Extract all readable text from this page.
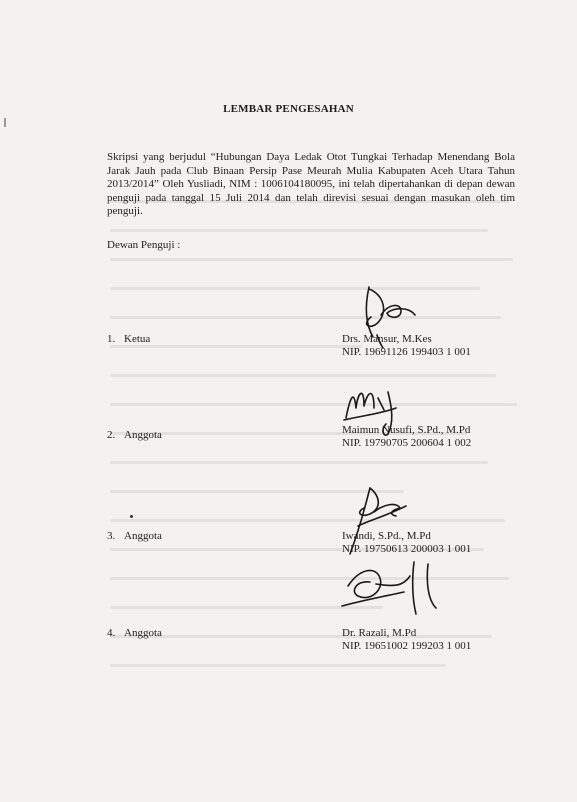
LEMBAR PENGESAHAN

Skripsi yang berjudul “Hubungan Daya Ledak Otot Tungkai Terhadap Menendang Bola Jarak Jauh pada Club Binaan Persip Pase Meurah Mulia Kabupaten Aceh Utara Tahun 2013/2014” Oleh Yusliadi, NIM : 1006104180095, ini telah dipertahankan di depan dewan penguji pada tanggal 15 Juli 2014 dan telah direvisi sesuai dengan masukan oleh tim penguji.

Dewan Penguji :
1. Ketua	Drs. Mansur, M.Kes
NIP. 19691126 199403 1 001
2. Anggota	Maimun Nusufi, S.Pd., M.Pd
NIP. 19790705 200604 1 002
3. Anggota	Iwandi, S.Pd., M.Pd
NIP. 19750613 200003 1 001
4. Anggota	Dr. Razali, M.Pd
NIP. 19651002 199203 1 001
